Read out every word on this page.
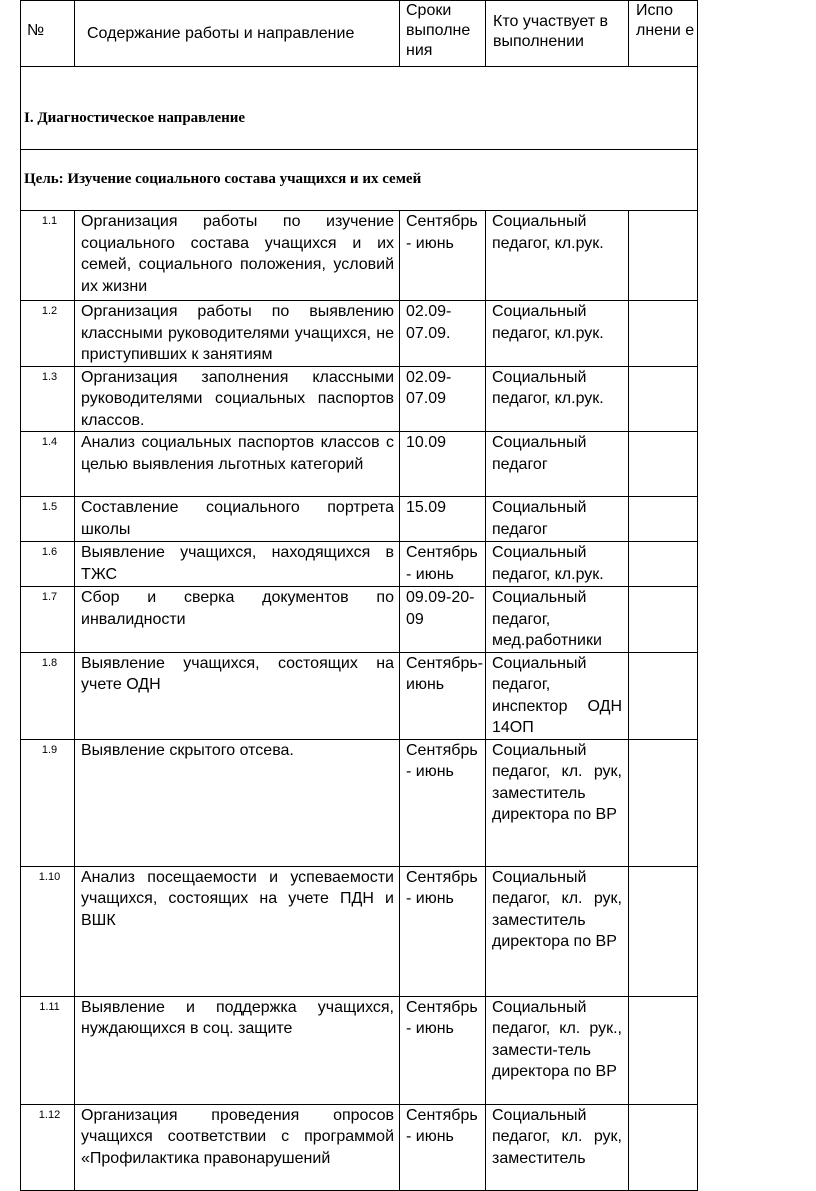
№	Содержание работы и направление	Сроки выполне ния	Кто участвует в выполнении	Испо лнени е
I. Диагностическое направление				
Цель: Изучение социального состава учащихся и их семей				
1.1	Организация работы по изучение социального состава учащихся и их семей, социального положения, условий их жизни	Сентябрь - июнь	Социальный педагог, кл.рук.	
1.2	Организация работы по выявлению классными руководителями учащихся, не приступивших к занятиям	02.09-07.09.	Социальный педагог, кл.рук.	
1.3	Организация заполнения классными руководителями социальных паспортов классов.	02.09-07.09	Социальный педагог, кл.рук.	
1.4	Анализ социальных паспортов классов с целью выявления льготных категорий	10.09	Социальный педагог	
1.5	Составление социального портрета школы	15.09	Социальный педагог	
1.6	Выявление учащихся, находящихся в ТЖС	Сентябрь - июнь	Социальный педагог, кл.рук.	
1.7	Сбор и сверка документов по инвалидности	09.09-20-09	Социальный педагог, мед.работники	
1.8	Выявление учащихся, состоящих на учете ОДН	Сентябрь- июнь	Социальный педагог, инспектор ОДН 14ОП	
1.9	Выявление скрытого отсева.	Сентябрь - июнь	Социальный педагог, кл. рук, заместитель директора по ВР	
1.10	Анализ посещаемости и успеваемости учащихся, состоящих на учете ПДН и ВШК	Сентябрь - июнь	Социальный педагог, кл. рук, заместитель директора по ВР	
1.11	Выявление и поддержка учащихся, нуждающихся в соц. защите	Сентябрь - июнь	Социальный педагог, кл. рук., замести-тель директора по ВР	
1.12	Организация проведения опросов учащихся соответствии с программой «Профилактика правонарушений	Сентябрь - июнь	Социальный педагог, кл. рук, заместитель	
